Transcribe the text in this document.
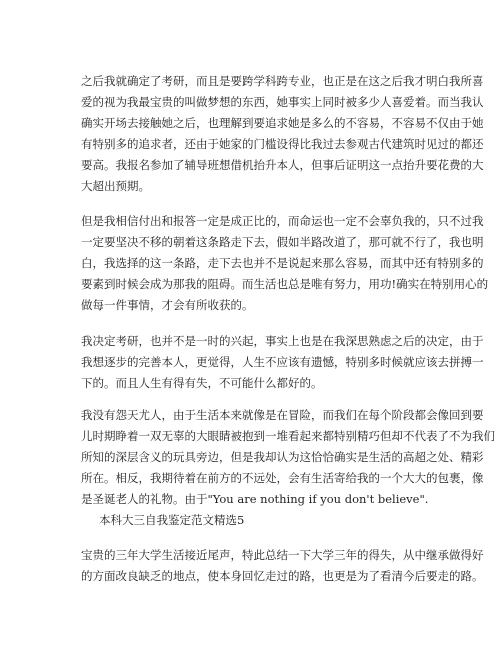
之后我就确定了考研，而且是要跨学科跨专业，也正是在这之后我才明白我所喜
爱的视为我最宝贵的叫做梦想的东西，她事实上同时被多少人喜爱着。而当我认
确实开场去接触她之后，也理解到要追求她是多么的不容易，不容易不仅由于她
有特别多的追求者，还由于她家的门槛设得比我过去参观古代建筑时见过的都还
要高。我报名参加了辅导班想借机抬升本人，但事后证明这一点抬升要花费的大
大超出预期。
但是我相信付出和报答一定是成正比的，而命运也一定不会辜负我的，只不过我
一定要坚决不移的朝着这条路走下去，假如半路改道了，那可就不行了，我也明
白，我选择的这一条路，走下去也并不是说起来那么容易，而其中还有特别多的
要素到时候会成为那我的阻碍。而生活也总是唯有努力，用功!确实在特别用心的
做每一件事情，才会有所收获的。
我决定考研，也并不是一时的兴起，事实上也是在我深思熟虑之后的决定，由于
我想逐步的完善本人，更觉得，人生不应该有遗憾，特别多时候就应该去拼搏一
下的。而且人生有得有失，不可能什么都好的。
我没有怨天尤人，由于生活本来就像是在冒险，而我们在每个阶段都会像回到要
儿时期睁着一双无辜的大眼睛被抱到一堆看起来都特别精巧但却不代表了不为我们
所知的深层含义的玩具旁边，但是我却认为这恰恰确实是生活的高超之处、精彩
所在。相反，我期待着在前方的不远处，会有生活寄给我的一个大大的包裹，像
是圣诞老人的礼物。由于"You are nothing if you don't believe".
本科大三自我鉴定范文精选5
宝贵的三年大学生活接近尾声，特此总结一下大学三年的得失，从中继承做得好
的方面改良缺乏的地点，使本身回忆走过的路，也更是为了看清今后要走的路。
